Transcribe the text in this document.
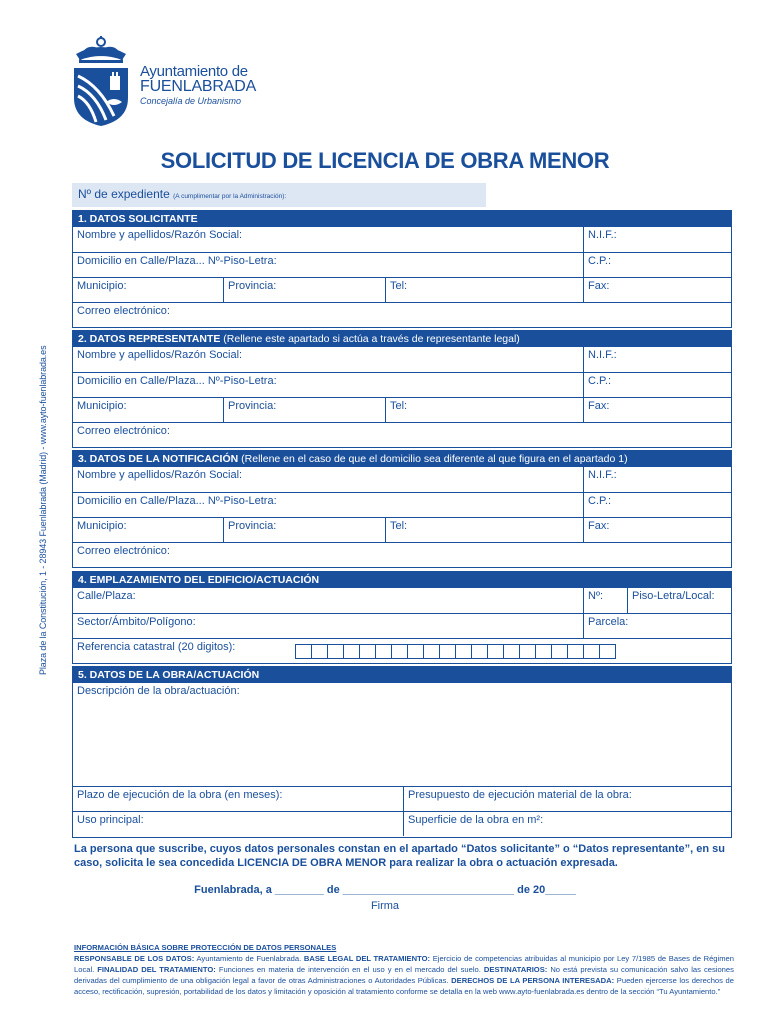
Ayuntamiento de
FUENLABRADA
Concejalía de Urbanismo
Plaza de la Constitución, 1 - 28943 Fuenlabrada (Madrid) - www.ayto-fuenlabrada.es
SOLICITUD DE LICENCIA DE OBRA MENOR
Nº de expediente (A cumplimentar por la Administración):
1. DATOS SOLICITANTE
Nombre y apellidos/Razón Social:	N.I.F.:
Domicilio en Calle/Plaza... Nº-Piso-Letra:	C.P.:
Municipio:	Provincia:	Tel:	Fax:
Correo electrónico:
2. DATOS REPRESENTANTE (Rellene este apartado si actúa a través de representante legal)
Nombre y apellidos/Razón Social:	N.I.F.:
Domicilio en Calle/Plaza... Nº-Piso-Letra:	C.P.:
Municipio:	Provincia:	Tel:	Fax:
Correo electrónico:
3. DATOS DE LA NOTIFICACIÓN (Rellene en el caso de que el domicilio sea diferente al que figura en el apartado 1)
Nombre y apellidos/Razón Social:	N.I.F.:
Domicilio en Calle/Plaza... Nº-Piso-Letra:	C.P.:
Municipio:	Provincia:	Tel:	Fax:
Correo electrónico:
4. EMPLAZAMIENTO DEL EDIFICIO/ACTUACIÓN
Calle/Plaza:	Nº:	Piso-Letra/Local:
Sector/Ámbito/Polígono:	Parcela:
Referencia catastral (20 digitos):
5. DATOS DE LA OBRA/ACTUACIÓN
Descripción de la obra/actuación:
Plazo de ejecución de la obra (en meses):	Presupuesto de ejecución material de la obra:
Uso principal:	Superficie de la obra en m²:
La persona que suscribe, cuyos datos personales constan en el apartado “Datos solicitante” o “Datos representante”, en su caso, solicita le sea concedida LICENCIA DE OBRA MENOR para realizar la obra o actuación expresada.
Fuenlabrada, a ________ de ____________________________ de 20_____
Firma
INFORMACIÓN BÁSICA SOBRE PROTECCIÓN DE DATOS PERSONALES
RESPONSABLE DE LOS DATOS: Ayuntamiento de Fuenlabrada. BASE LEGAL DEL TRATAMIENTO: Ejercicio de competencias atribuidas al municipio por Ley 7/1985 de Bases de Régimen Local. FINALIDAD DEL TRATAMIENTO: Funciones en materia de intervención en el uso y en el mercado del suelo. DESTINATARIOS: No está prevista su comunicación salvo las cesiones derivadas del cumplimiento de una obligación legal a favor de otras Administraciones o Autoridades Públicas. DERECHOS DE LA PERSONA INTERESADA: Pueden ejercerse los derechos de acceso, rectificación, supresión, portabilidad de los datos y limitación y oposición al tratamiento conforme se detalla en la web www.ayto-fuenlabrada.es dentro de la sección “Tu Ayuntamiento.”
